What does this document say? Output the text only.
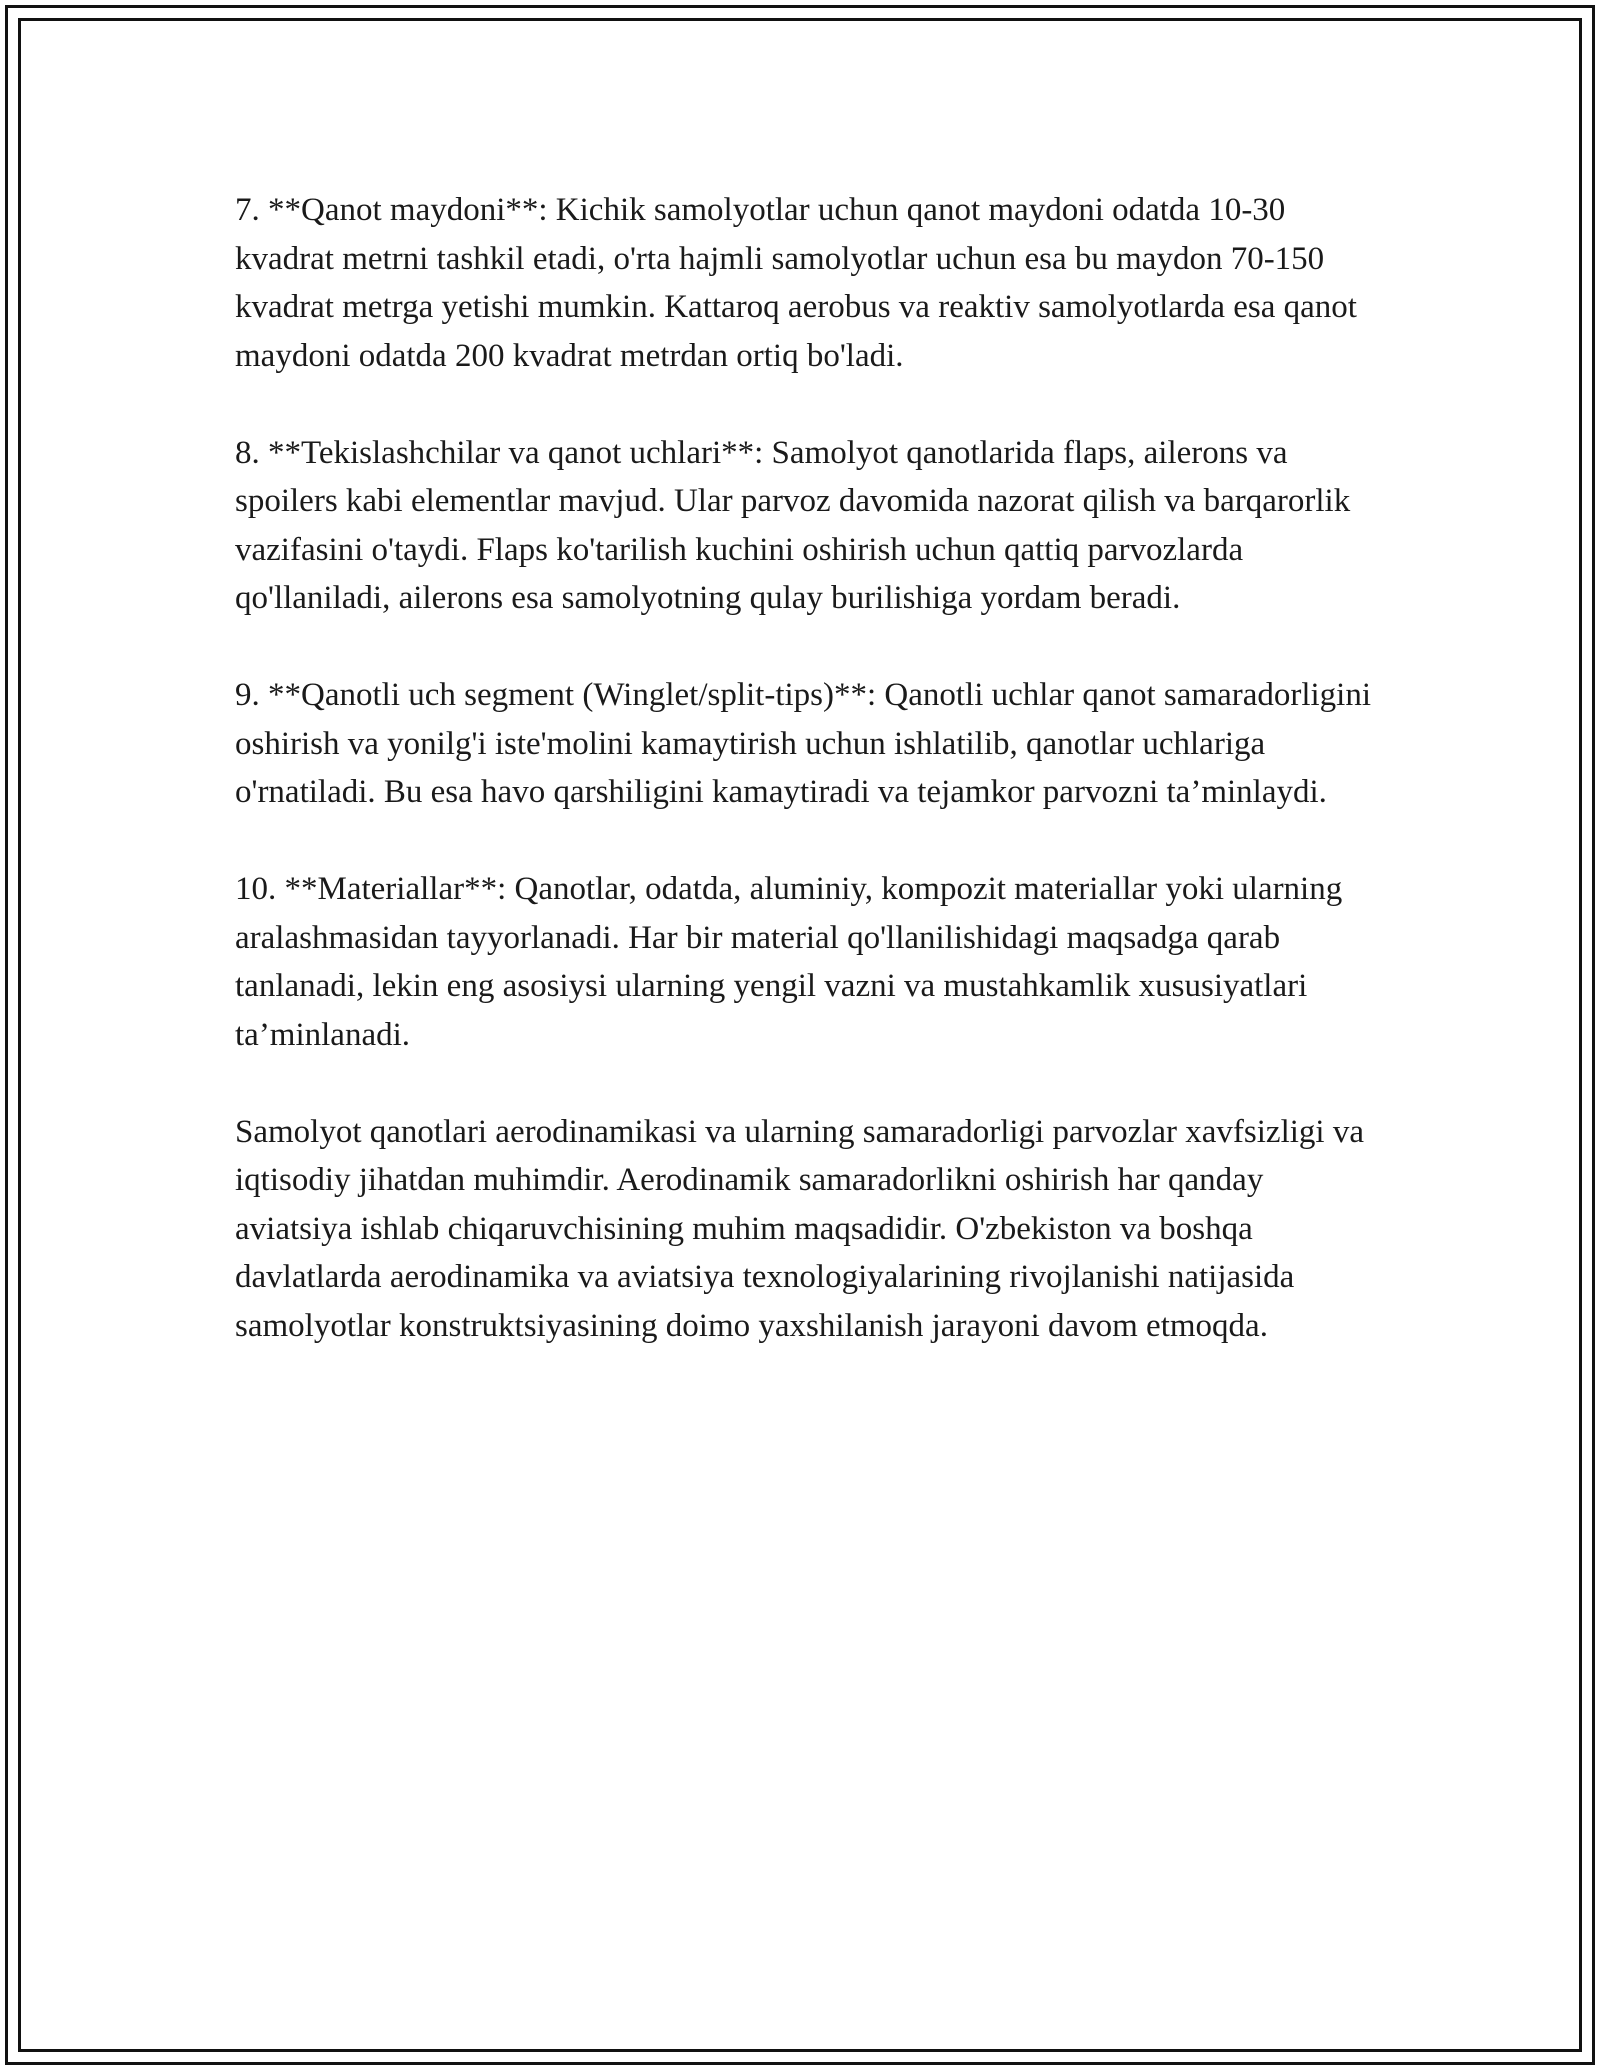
7. **Qanot maydoni**: Kichik samolyotlar uchun qanot maydoni odatda 10-30 kvadrat metrni tashkil etadi, o'rta hajmli samolyotlar uchun esa bu maydon 70-150 kvadrat metrga yetishi mumkin. Kattaroq aerobus va reaktiv samolyotlarda esa qanot maydoni odatda 200 kvadrat metrdan ortiq bo'ladi.

8. **Tekislashchilar va qanot uchlari**: Samolyot qanotlarida flaps, ailerons va spoilers kabi elementlar mavjud. Ular parvoz davomida nazorat qilish va barqarorlik vazifasini o'taydi. Flaps ko'tarilish kuchini oshirish uchun qattiq parvozlarda qo'llaniladi, ailerons esa samolyotning qulay burilishiga yordam beradi.

9. **Qanotli uch segment (Winglet/split-tips)**: Qanotli uchlar qanot samaradorligini oshirish va yonilg'i iste'molini kamaytirish uchun ishlatilib, qanotlar uchlariga o'rnatiladi. Bu esa havo qarshiligini kamaytiradi va tejamkor parvozni ta’minlaydi.

10. **Materiallar**: Qanotlar, odatda, aluminiy, kompozit materiallar yoki ularning aralashmasidan tayyorlanadi. Har bir material qo'llanilishidagi maqsadga qarab tanlanadi, lekin eng asosiysi ularning yengil vazni va mustahkamlik xususiyatlari ta’minlanadi.

Samolyot qanotlari aerodinamikasi va ularning samaradorligi parvozlar xavfsizligi va iqtisodiy jihatdan muhimdir. Aerodinamik samaradorlikni oshirish har qanday aviatsiya ishlab chiqaruvchisining muhim maqsadidir. O'zbekiston va boshqa davlatlarda aerodinamika va aviatsiya texnologiyalarining rivojlanishi natijasida samolyotlar konstruktsiyasining doimo yaxshilanish jarayoni davom etmoqda.
